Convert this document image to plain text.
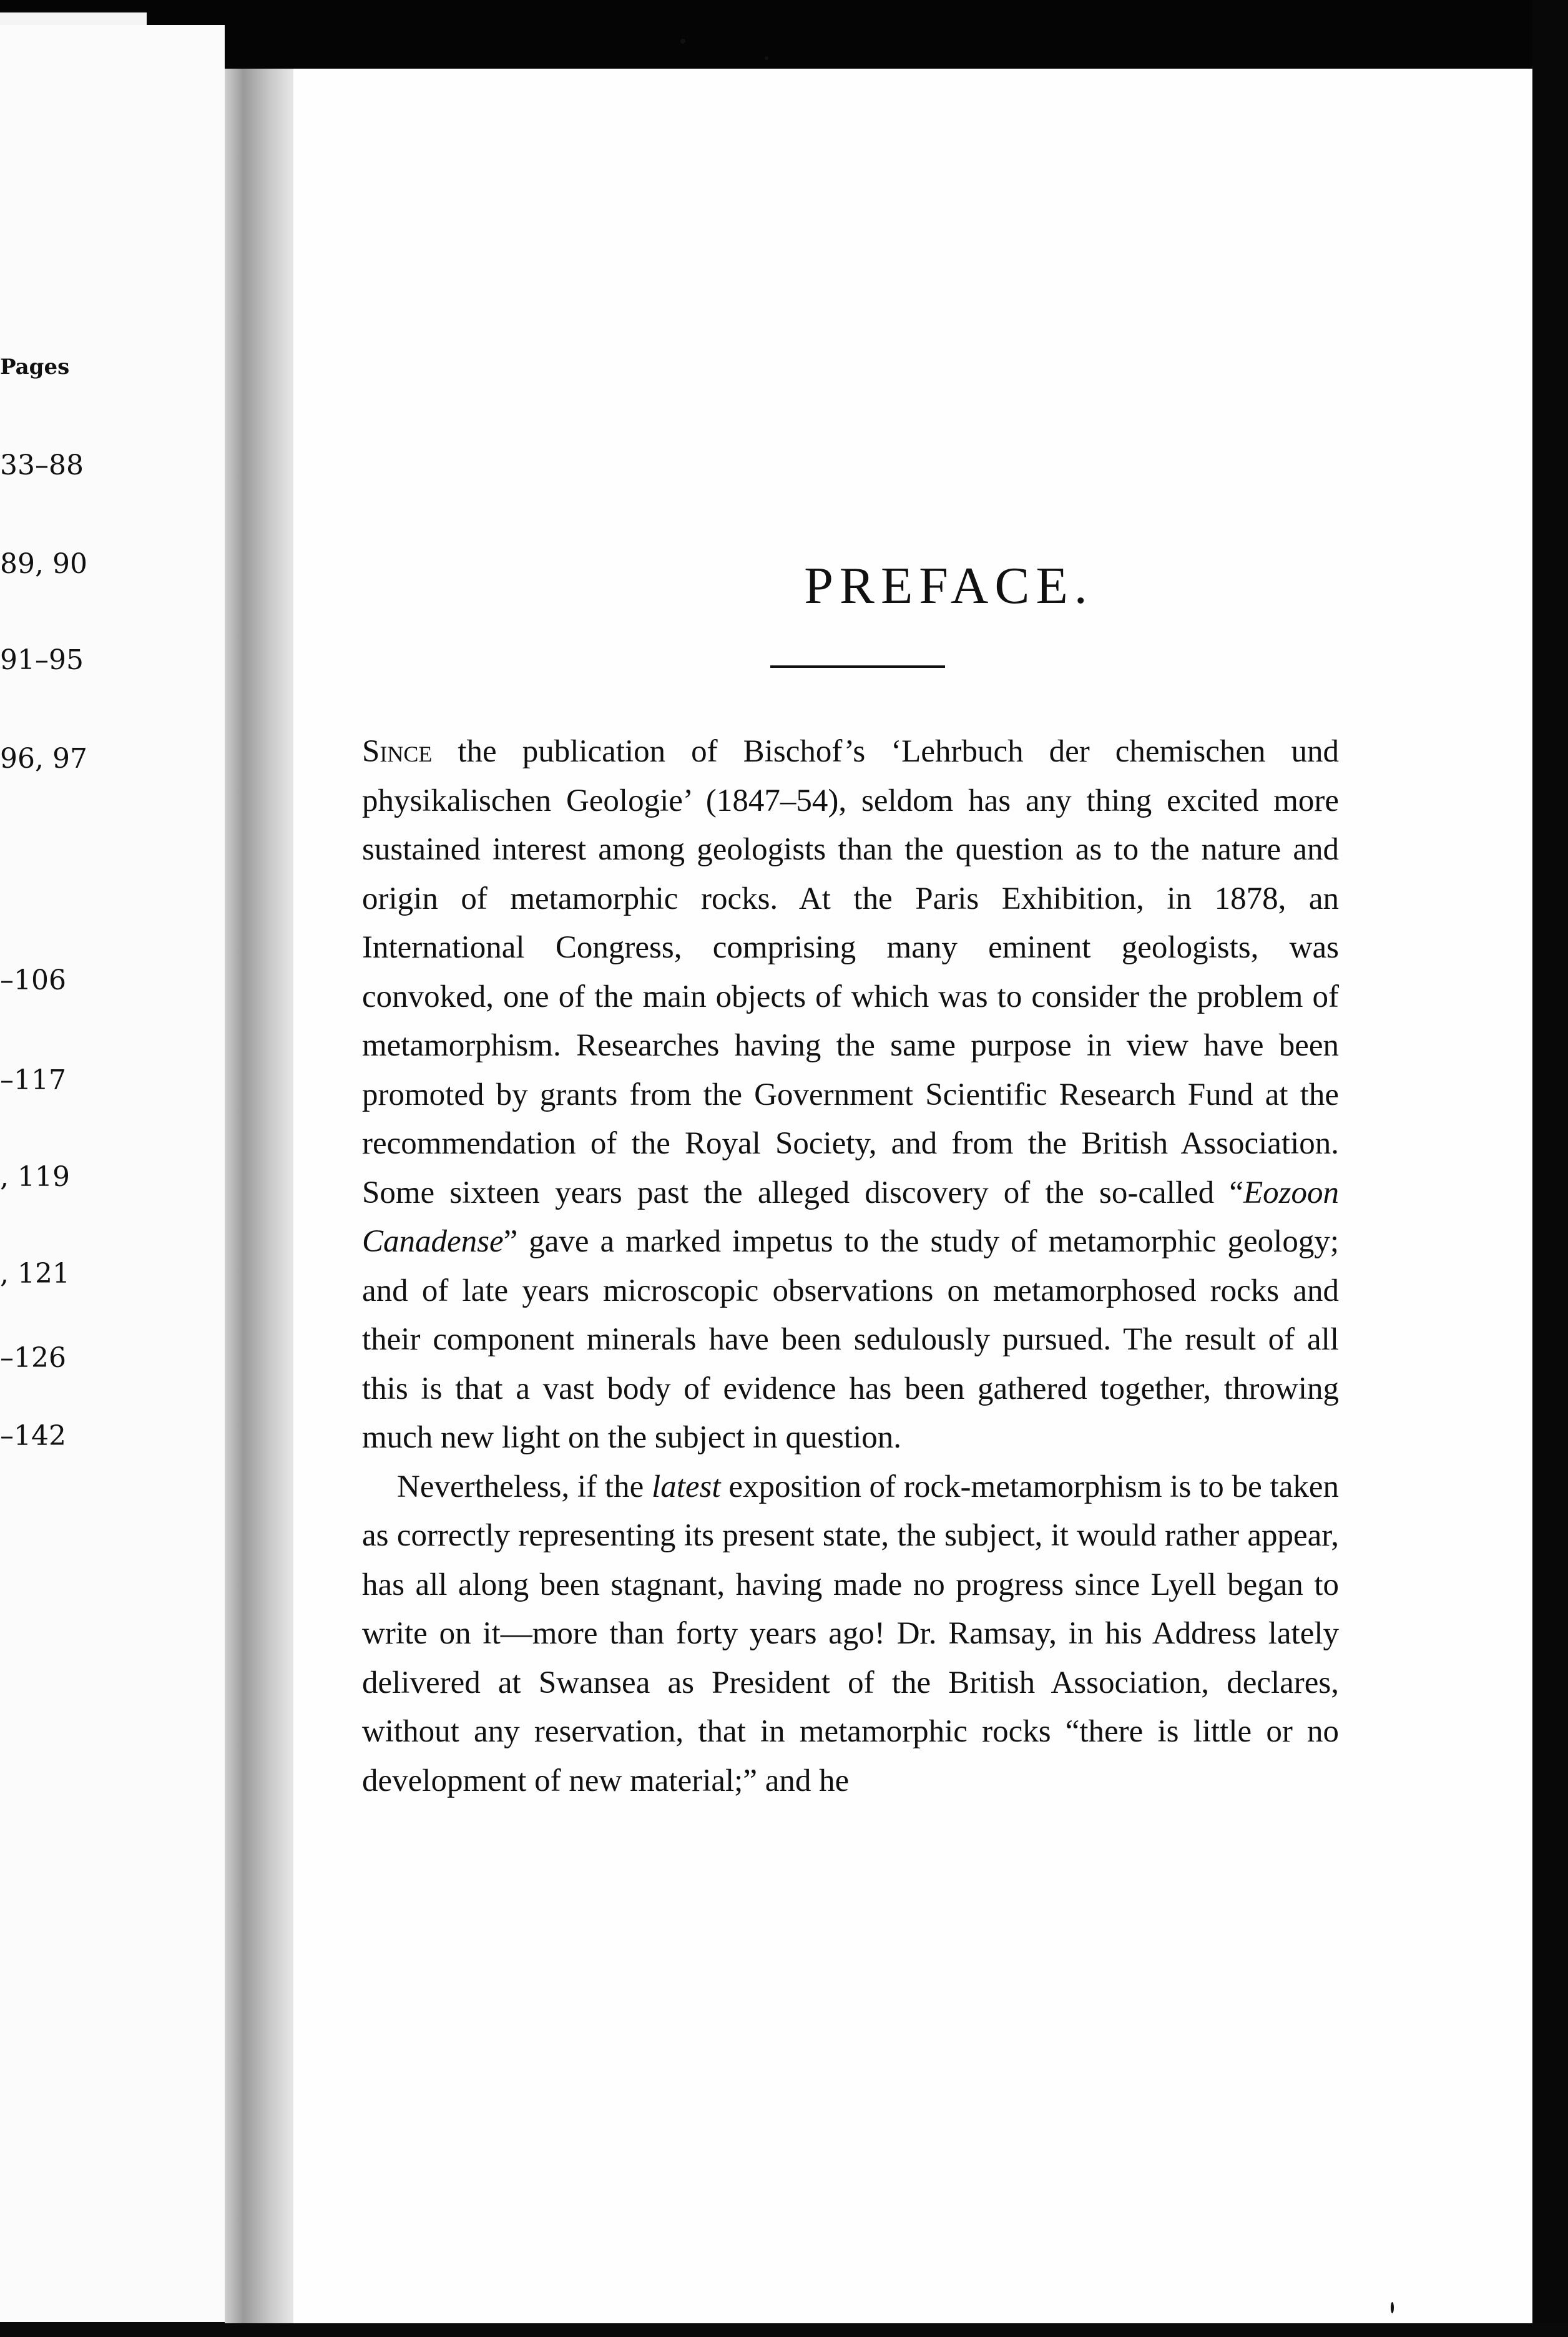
Pages
33–88
89, 90
91–95
96, 97
–106
–117
, 119
, 121
–126
–142
PREFACE.

Since the publication of Bischof’s ‘Lehrbuch der chemischen und physikalischen Geologie’ (1847–54), seldom has any thing excited more sustained interest among geologists than the question as to the nature and origin of metamorphic rocks. At the Paris Exhibition, in 1878, an International Congress, comprising many eminent geologists, was convoked, one of the main objects of which was to consider the problem of metamorphism. Researches having the same purpose in view have been promoted by grants from the Government Scientific Research Fund at the recommendation of the Royal Society, and from the British Association. Some sixteen years past the alleged discovery of the so-called “Eozoon Canadense” gave a marked impetus to the study of metamorphic geology; and of late years microscopic observations on metamorphosed rocks and their component minerals have been sedulously pursued. The result of all this is that a vast body of evidence has been gathered together, throwing much new light on the subject in question.

Nevertheless, if the latest exposition of rock-metamorphism is to be taken as correctly representing its present state, the subject, it would rather appear, has all along been stagnant, having made no progress since Lyell began to write on it—more than forty years ago! Dr. Ramsay, in his Address lately delivered at Swansea as President of the British Association, declares, without any reservation, that in metamorphic rocks “there is little or no development of new material;” and he
